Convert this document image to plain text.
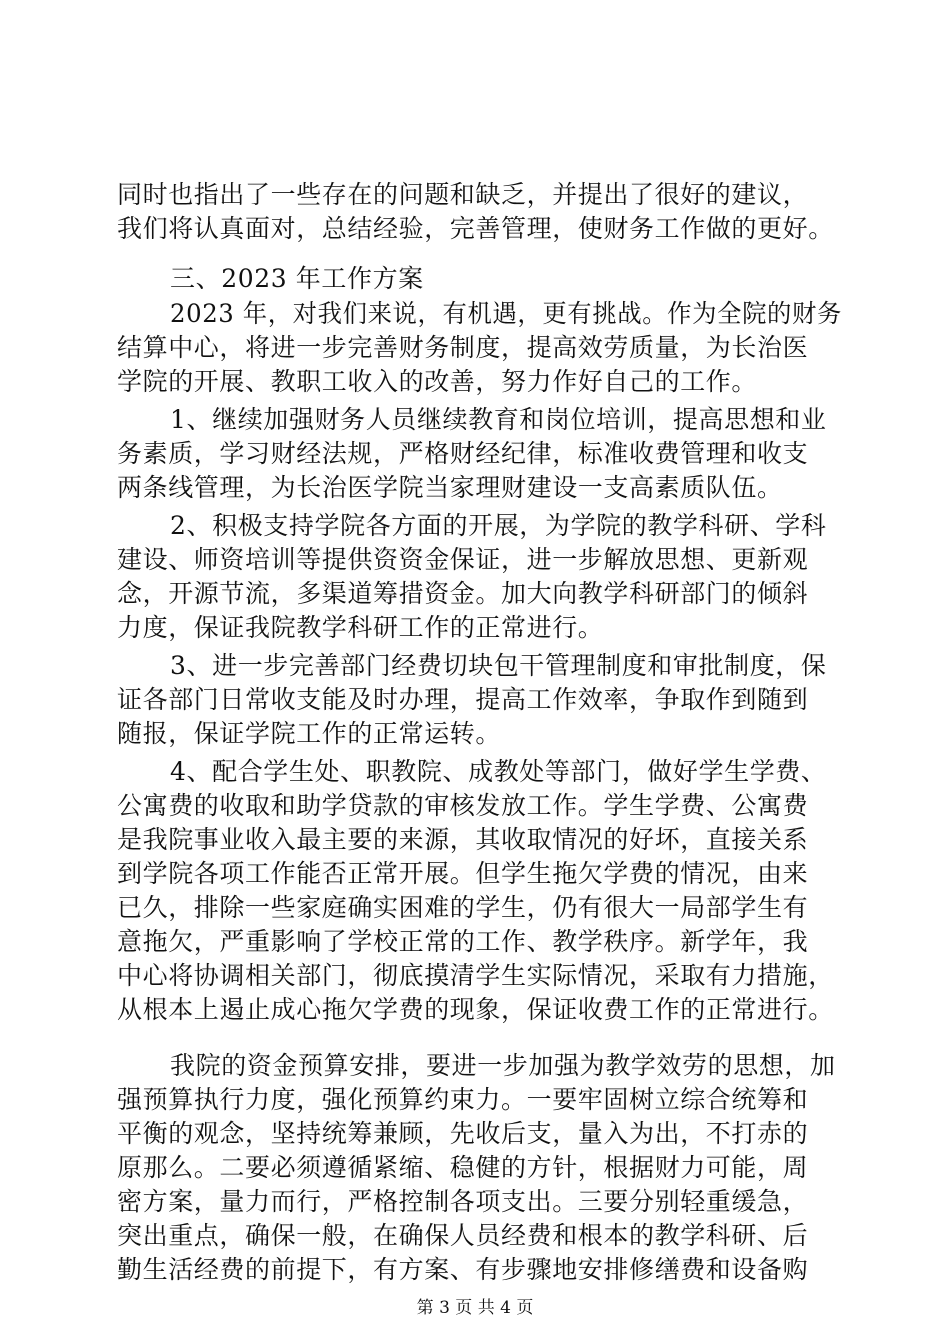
同时也指出了一些存在的问题和缺乏，并提出了很好的建议，
我们将认真面对，总结经验，完善管理，使财务工作做的更好。
三、2023 年工作方案
2023 年，对我们来说，有机遇，更有挑战。作为全院的财务
结算中心，将进一步完善财务制度，提高效劳质量，为长治医
学院的开展、教职工收入的改善，努力作好自己的工作。
1、继续加强财务人员继续教育和岗位培训，提高思想和业
务素质，学习财经法规，严格财经纪律，标准收费管理和收支
两条线管理，为长治医学院当家理财建设一支高素质队伍。
2、积极支持学院各方面的开展，为学院的教学科研、学科
建设、师资培训等提供资资金保证，进一步解放思想、更新观
念，开源节流，多渠道筹措资金。加大向教学科研部门的倾斜
力度，保证我院教学科研工作的正常进行。
3、进一步完善部门经费切块包干管理制度和审批制度，保
证各部门日常收支能及时办理，提高工作效率，争取作到随到
随报，保证学院工作的正常运转。
4、配合学生处、职教院、成教处等部门，做好学生学费、
公寓费的收取和助学贷款的审核发放工作。学生学费、公寓费
是我院事业收入最主要的来源，其收取情况的好坏，直接关系
到学院各项工作能否正常开展。但学生拖欠学费的情况，由来
已久，排除一些家庭确实困难的学生，仍有很大一局部学生有
意拖欠，严重影响了学校正常的工作、教学秩序。新学年，我
中心将协调相关部门，彻底摸清学生实际情况，采取有力措施，
从根本上遏止成心拖欠学费的现象，保证收费工作的正常进行。
我院的资金预算安排，要进一步加强为教学效劳的思想，加
强预算执行力度，强化预算约束力。一要牢固树立综合统筹和
平衡的观念，坚持统筹兼顾，先收后支，量入为出，不打赤的
原那么。二要必须遵循紧缩、稳健的方针，根据财力可能，周
密方案，量力而行，严格控制各项支出。三要分别轻重缓急，
突出重点，确保一般，在确保人员经费和根本的教学科研、后
勤生活经费的前提下，有方案、有步骤地安排修缮费和设备购
第 3 页 共 4 页
